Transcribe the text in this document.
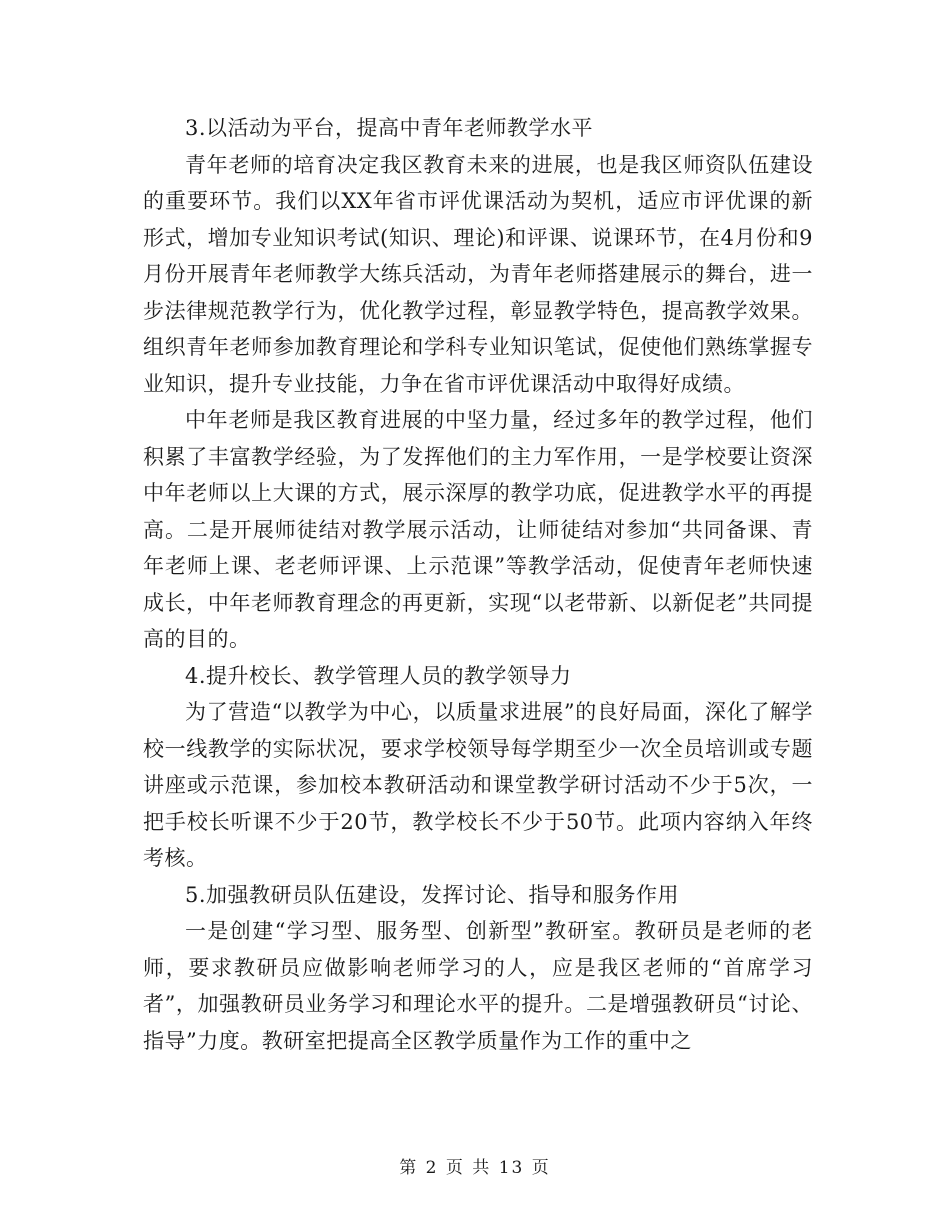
3.以活动为平台，提高中青年老师教学水平

青年老师的培育决定我区教育未来的进展，也是我区师资队伍建设的重要环节。我们以XX年省市评优课活动为契机，适应市评优课的新形式，增加专业知识考试(知识、理论)和评课、说课环节，在4月份和9月份开展青年老师教学大练兵活动，为青年老师搭建展示的舞台，进一步法律规范教学行为，优化教学过程，彰显教学特色，提高教学效果。组织青年老师参加教育理论和学科专业知识笔试，促使他们熟练掌握专业知识，提升专业技能，力争在省市评优课活动中取得好成绩。

中年老师是我区教育进展的中坚力量，经过多年的教学过程，他们积累了丰富教学经验，为了发挥他们的主力军作用，一是学校要让资深中年老师以上大课的方式，展示深厚的教学功底，促进教学水平的再提高。二是开展师徒结对教学展示活动，让师徒结对参加“共同备课、青年老师上课、老老师评课、上示范课”等教学活动，促使青年老师快速成长，中年老师教育理念的再更新，实现“以老带新、以新促老”共同提高的目的。

4.提升校长、教学管理人员的教学领导力

为了营造“以教学为中心，以质量求进展”的良好局面，深化了解学校一线教学的实际状况，要求学校领导每学期至少一次全员培训或专题讲座或示范课，参加校本教研活动和课堂教学研讨活动不少于5次，一把手校长听课不少于20节，教学校长不少于50节。此项内容纳入年终考核。

5.加强教研员队伍建设，发挥讨论、指导和服务作用

一是创建“学习型、服务型、创新型”教研室。教研员是老师的老师，要求教研员应做影响老师学习的人，应是我区老师的“首席学习者”，加强教研员业务学习和理论水平的提升。二是增强教研员“讨论、指导”力度。教研室把提高全区教学质量作为工作的重中之

第 2 页 共 13 页
